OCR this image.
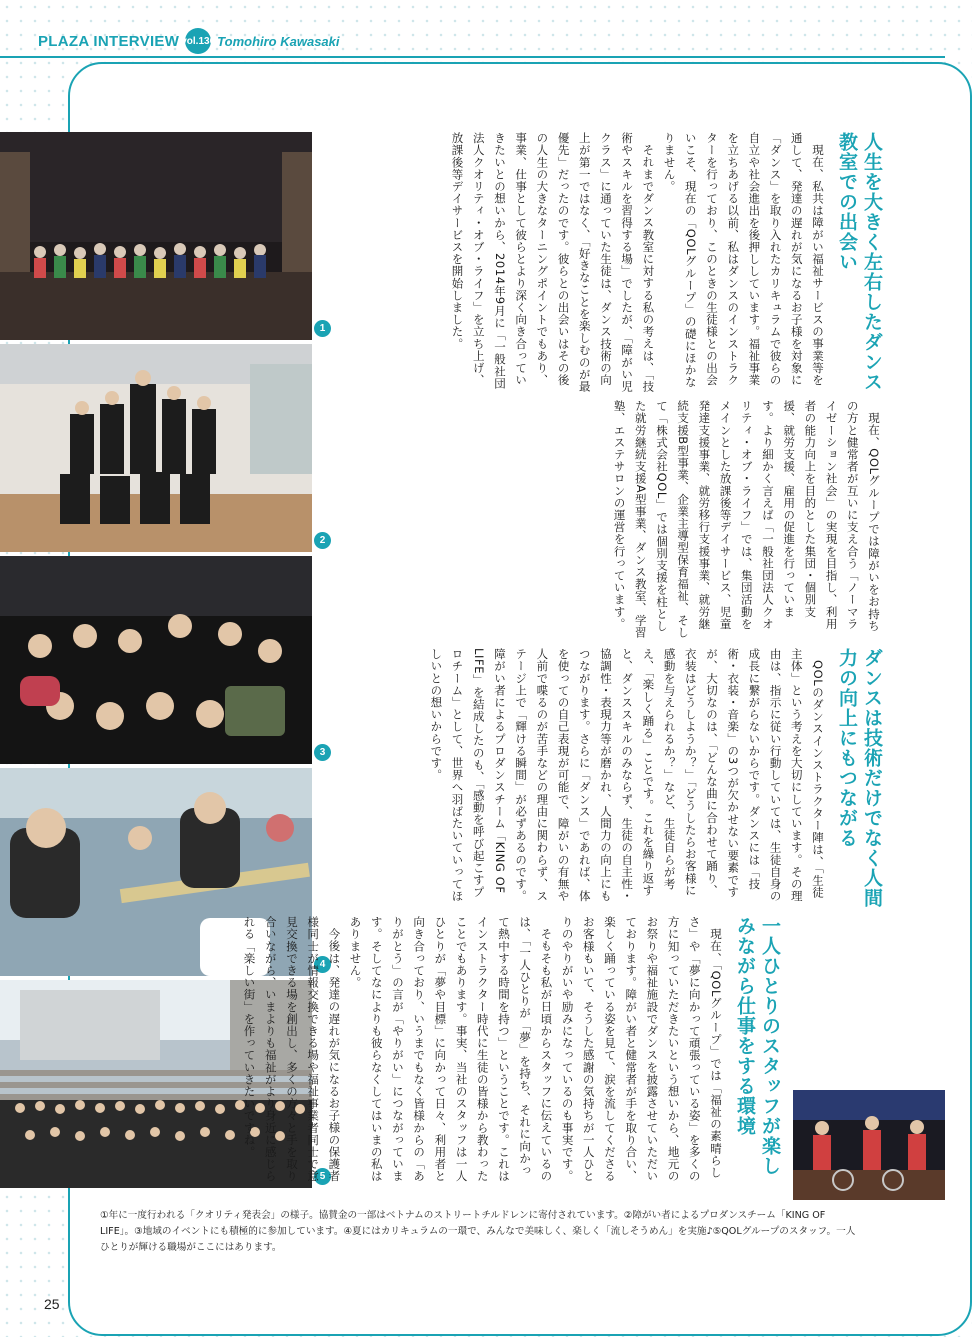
PLAZA INTERVIEW vol.136 Tomohiro Kawasaki
1
2
3
4
5
人生を大きく左右したダンス教室での出会い

現在、私共は障がい福祉サービスの事業等を通して、発達の遅れが気になるお子様を対象に「ダンス」を取り入れたカリキュラムで彼らの自立や社会進出を後押ししています。福祉事業を立ちあげる以前、私はダンスのインストラクターを行っており、このときの生徒様との出会いこそ、現在の「QOLグループ」の礎にほかなりません。

それまでダンス教室に対する私の考えは、「技術やスキルを習得する場」でしたが、「障がい児クラス」に通っていた生徒は、ダンス技術の向上が第一ではなく、「好きなことを楽しむのが最優先」だったのです。彼らとの出会いはその後の人生の大きなターニングポイントでもあり、事業、仕事として彼らとより深く向き合っていきたいとの想いから、2014年9月に「一般社団法人クオリティ・オブ・ライフ」を立ち上げ、放課後等デイサービスを開始しました。

現在、QOLグループでは障がいをお持ちの方と健常者が互いに支え合う「ノーマライゼーション社会」の実現を目指し、利用者の能力向上を目的とした集団・個別支援、就労支援、雇用の促進を行っています。より細かく言えば「一般社団法人クオリティ・オブ・ライフ」では、集団活動をメインとした放課後等デイサービス、児童発達支援事業、就労移行支援事業、就労継続支援B型事業、企業主導型保育福祉、そして「株式会社QOL」では個別支援を柱とした就労継続支援A型事業、ダンス教室、学習塾、エステサロンの運営を行っています。

ダンスは技術だけでなく人間力の向上にもつながる

QOLのダンスインストラクター陣は、「生徒主体」という考えを大切にしています。その理由は、指示に従い行動していては、生徒自身の成長に繋がらないからです。ダンスには「技術・衣装・音楽」の3つが欠かせない要素ですが、大切なのは、「どんな曲に合わせて踊り、衣装はどうしようか？」「どうしたらお客様に感動を与えられるか？」など、生徒自らが考え、「楽しく踊る」ことです。これを繰り返すと、ダンススキルのみならず、生徒の自主性・協調性・表現力等が磨かれ、人間力の向上にもつながります。さらに「ダンス」であれば、体を使っての自己表現が可能で、障がいの有無や人前で喋るのが苦手などの理由に関わらず、ステージ上で「輝ける瞬間」が必ずあるのです。障がい者によるプロダンスチーム「KING OF LIFE」を結成したのも、「感動を呼び起こすプロチーム」として、世界へ羽ばたいていってほしいとの想いからです。

一人ひとりのスタッフが楽しみながら仕事をする環境

現在、「QOLグループ」では「福祉の素晴らしさ」や「夢に向かって頑張っている姿」を多くの方に知っていただきたいという想いから、地元のお祭りや福祉施設でダンスを披露させていただいております。障がい者と健常者が手を取り合い、楽しく踊っている姿を見て、涙を流してくださるお客様もいて、そうした感謝の気持ちが一人ひとりのやりがいや励みになっているのも事実です。

そもそも私が日頃からスタッフに伝えているのは、「一人ひとりが「夢」を持ち、それに向かって熱中する時間を持つ」ということです。これはインストラクター時代に生徒の皆様から教わったことでもあります。事実、当社のスタッフは一人ひとりが「夢や目標」に向かって日々、利用者と向き合っており、いうまでもなく皆様からの「ありがとう」の言が「やりがい」につながっています。そしてなによりも彼らなくしてはいまの私はありません。

今後は、発達の遅れが気になるお子様の保護者様同士が情報交換できる場や福祉事業者同士で意見交換できる場を創出し、多くの方々と手を取り合いながら、いまよりも福祉がより身近に感じられる「楽しい街」を作っていきたいですね。

①年に一度行われる「クオリティ発表会」の様子。協賛金の一部はベトナムのストリートチルドレンに寄付されています。②障がい者によるプロダンスチーム「KING OF LIFE」。③地域のイベントにも積極的に参加しています。④夏にはカリキュラムの一環で、みんなで美味しく、楽しく「流しそうめん」を実施♪⑤QOLグループのスタッフ。一人ひとりが輝ける職場がここにはあります。
25
